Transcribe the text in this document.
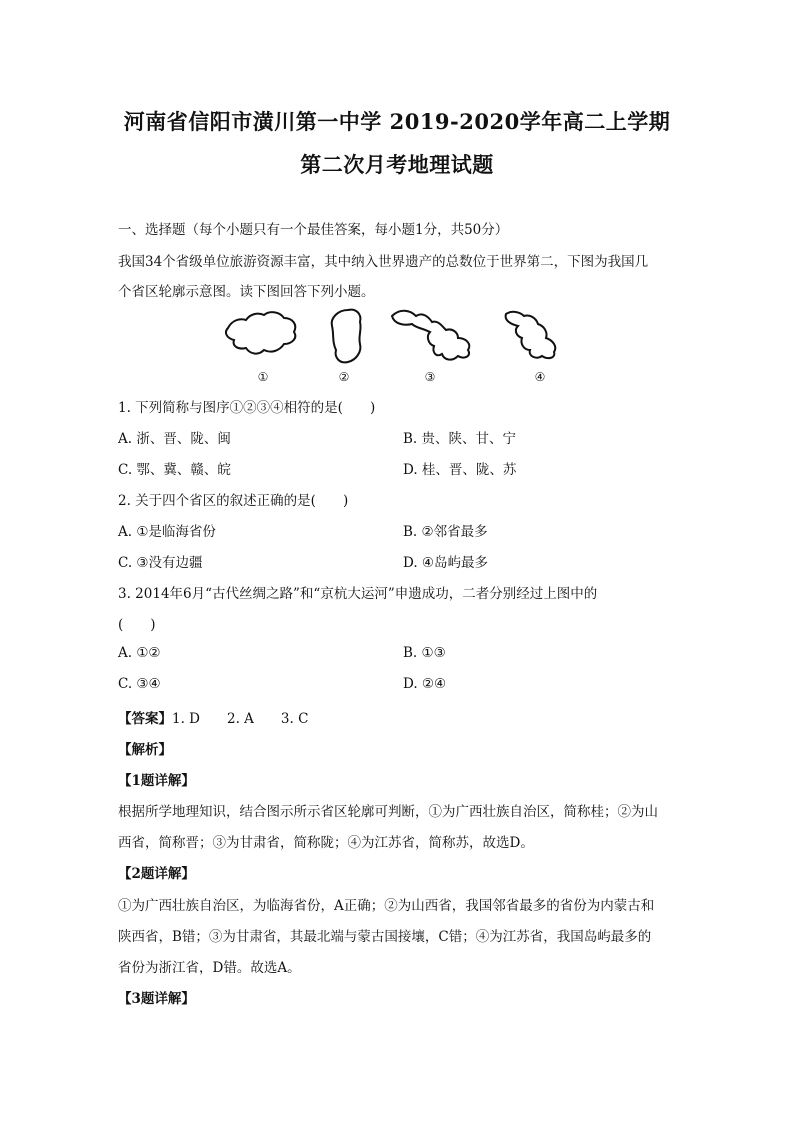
河南省信阳市潢川第一中学 2019-2020学年高二上学期
第二次月考地理试题
一、选择题（每个小题只有一个最佳答案，每小题1分，共50分）
我国34个省级单位旅游资源丰富，其中纳入世界遗产的总数位于世界第二，下图为我国几
个省区轮廓示意图。读下图回答下列小题。
①	②	③	④
1. 下列简称与图序①②③④相符的是(　　)
A. 浙、晋、陇、闽	B. 贵、陕、甘、宁
C. 鄂、冀、赣、皖	D. 桂、晋、陇、苏
2. 关于四个省区的叙述正确的是(　　)
A. ①是临海省份	B. ②邻省最多
C. ③没有边疆	D. ④岛屿最多
3. 2014年6月“古代丝绸之路”和“京杭大运河”申遗成功，二者分别经过上图中的
(　　)
A. ①②	B. ①③
C. ③④	D. ②④
【答案】1. D　　2. A　　3. C
【解析】
【1题详解】
根据所学地理知识，结合图示所示省区轮廓可判断，①为广西壮族自治区，简称桂；②为山
西省，简称晋；③为甘肃省，简称陇；④为江苏省，简称苏，故选D。
【2题详解】
①为广西壮族自治区，为临海省份，A正确；②为山西省，我国邻省最多的省份为内蒙古和
陕西省，B错；③为甘肃省，其最北端与蒙古国接壤，C错；④为江苏省，我国岛屿最多的
省份为浙江省，D错。故选A。
【3题详解】
